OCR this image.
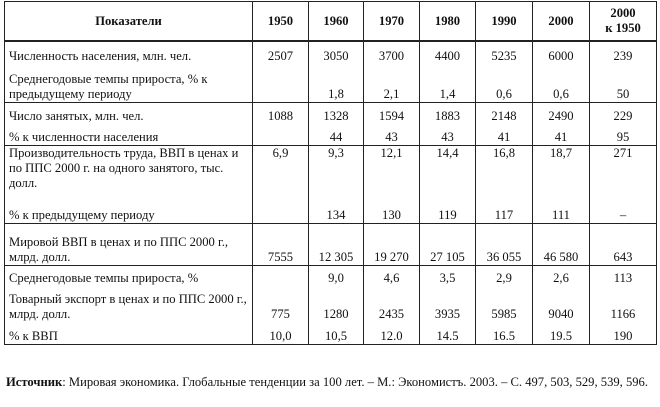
Показатели	1950	1960	1970	1980	1990	2000	2000
к 1950
Численность населения, млн. чел.	2507	3050	3700	4400	5235	6000	239
Среднегодовые темпы прироста, % к предыдущему периоду		1,8	2,1	1,4	0,6	0,6	50
Число занятых, млн. чел.	1088	1328	1594	1883	2148	2490	229
% к численности населения		44	43	43	41	41	95
Производительность труда, ВВП в ценах и по ППС 2000 г. на одного занятого, тыс. долл.	6,9	9,3	12,1	14,4	16,8	18,7	271
% к предыдущему периоду		134	130	119	117	111	–
Мировой ВВП в ценах и по ППС 2000 г., млрд. долл.	7555	12 305	19 270	27 105	36 055	46 580	643
Среднегодовые темпы прироста, %		9,0	4,6	3,5	2,9	2,6	113
Товарный экспорт в ценах и по ППС 2000 г., млрд. долл.	775	1280	2435	3935	5985	9040	1166
% к ВВП	10,0	10,5	12.0	14.5	16.5	19.5	190
Источник: Мировая экономика. Глобальные тенденции за 100 лет. – М.: Экономистъ. 2003. – С. 497, 503, 529, 539, 596.
